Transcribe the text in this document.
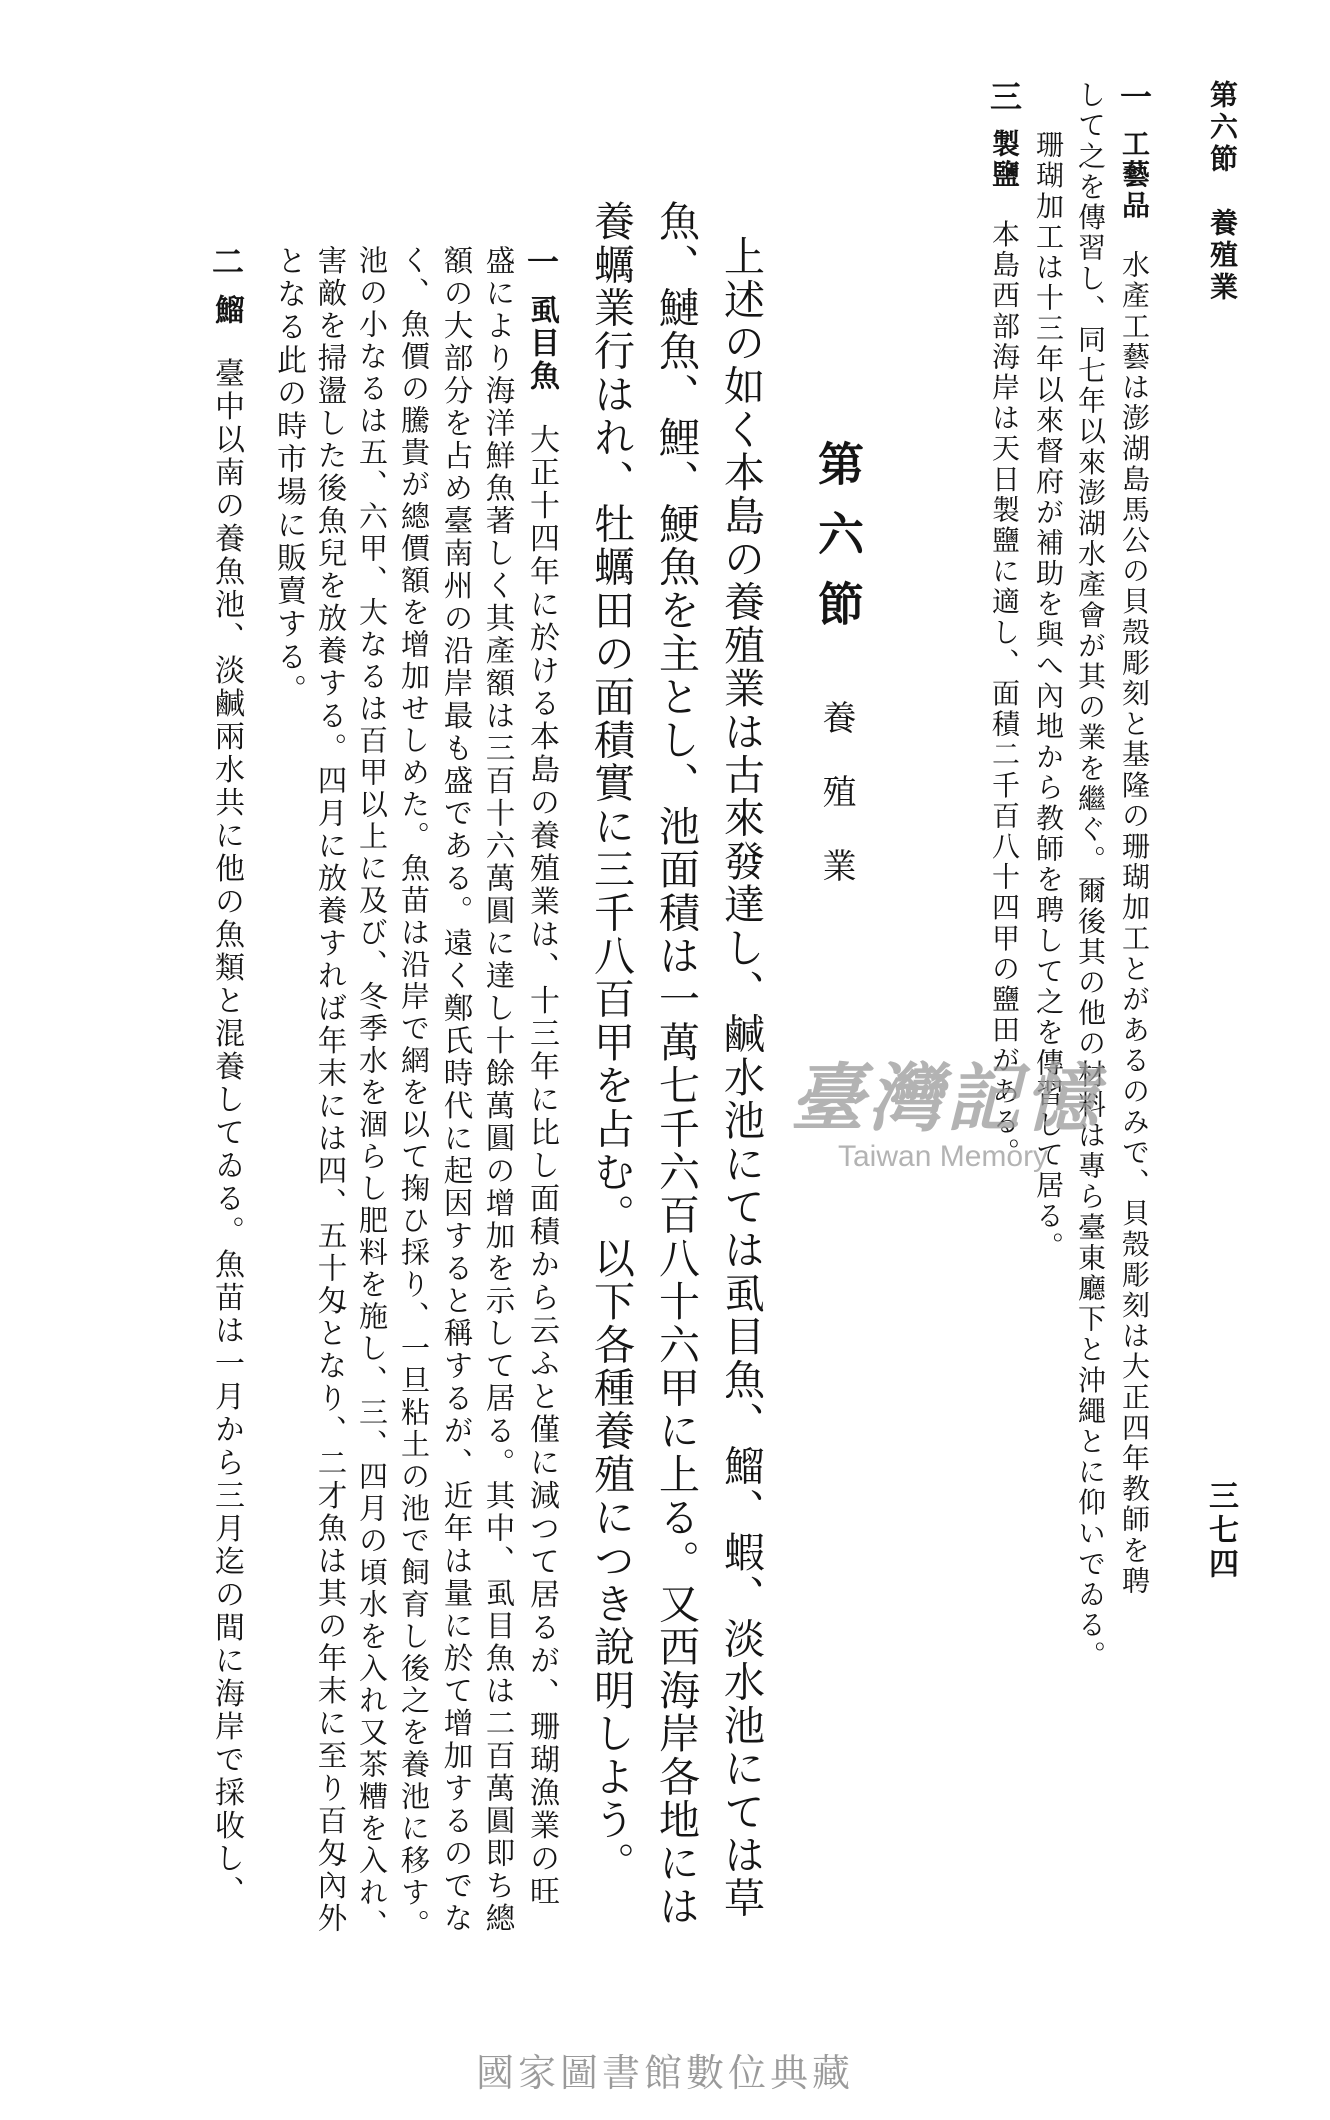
第六節　養殖業
三七四
一工藝品 水產工藝は澎湖島馬公の貝殼彫刻と基隆の珊瑚加工とがあるのみで、貝殼彫刻は大正四年教師を聘
して之を傳習し、同七年以來澎湖水產會が其の業を繼ぐ。爾後其の他の材料は專ら臺東廳下と沖繩とに仰いでゐる。
珊瑚加工は十三年以來督府が補助を與へ內地から教師を聘して之を傳習して居る。
三製鹽 本島西部海岸は天日製鹽に適し、面積二千百八十四甲の鹽田がある。
第六節
養殖業
上述の如く本島の養殖業は古來發達し、鹹水池にては虱目魚、鰡、蝦、淡水池にては草
魚、鰱魚、鯉、鯁魚を主とし、池面積は一萬七千六百八十六甲に上る。又西海岸各地には
養蠣業行はれ、牡蠣田の面積實に三千八百甲を占む。以下各種養殖につき說明しよう。
一虱目魚 大正十四年に於ける本島の養殖業は、十三年に比し面積から云ふと僅に減つて居るが、珊瑚漁業の旺
盛により海洋鮮魚著しく其產額は三百十六萬圓に達し十餘萬圓の增加を示して居る。其中、虱目魚は二百萬圓即ち總
額の大部分を占め臺南州の沿岸最も盛である。遠く鄭氏時代に起因すると稱するが、近年は量に於て增加するのでな
く、魚價の騰貴が總價額を增加せしめた。魚苗は沿岸で網を以て掬ひ採り、一旦粘土の池で飼育し後之を養池に移す。
池の小なるは五、六甲、大なるは百甲以上に及び、冬季水を涸らし肥料を施し、三、四月の頃水を入れ又茶糟を入れ、
害敵を掃盪した後魚兒を放養する。四月に放養すれば年末には四、五十匁となり、二才魚は其の年末に至り百匁內外
となる此の時市場に販賣する。
二鰡 臺中以南の養魚池、淡鹹兩水共に他の魚類と混養してゐる。魚苗は一月から三月迄の間に海岸で採收し、	臺灣記憶
Taiwan Memory
國家圖書館數位典藏
